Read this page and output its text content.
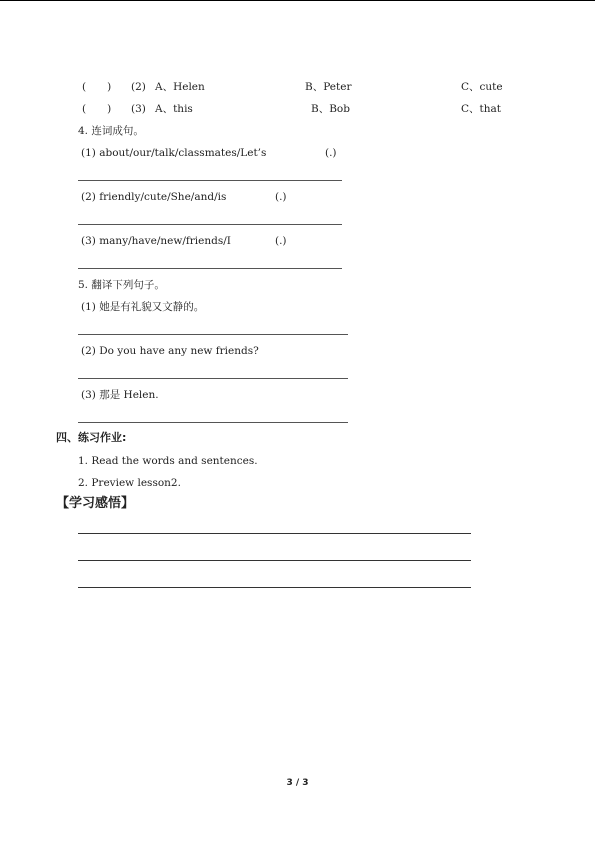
(　　) (2) A、Helen	B、Peter	C、cute
(　　) (3) A、this	B、Bob	C、that
4. 连词成句。
(1) about/our/talk/classmates/Let’s	(.)
(2) friendly/cute/She/and/is	(.)
(3) many/have/new/friends/I	(.)
5. 翻译下列句子。
(1) 她是有礼貌又文静的。
(2) Do you have any new friends?
(3) 那是 Helen.
四、练习作业:
1. Read the words and sentences.
2. Preview lesson2.
【学习感悟】
3 / 3
